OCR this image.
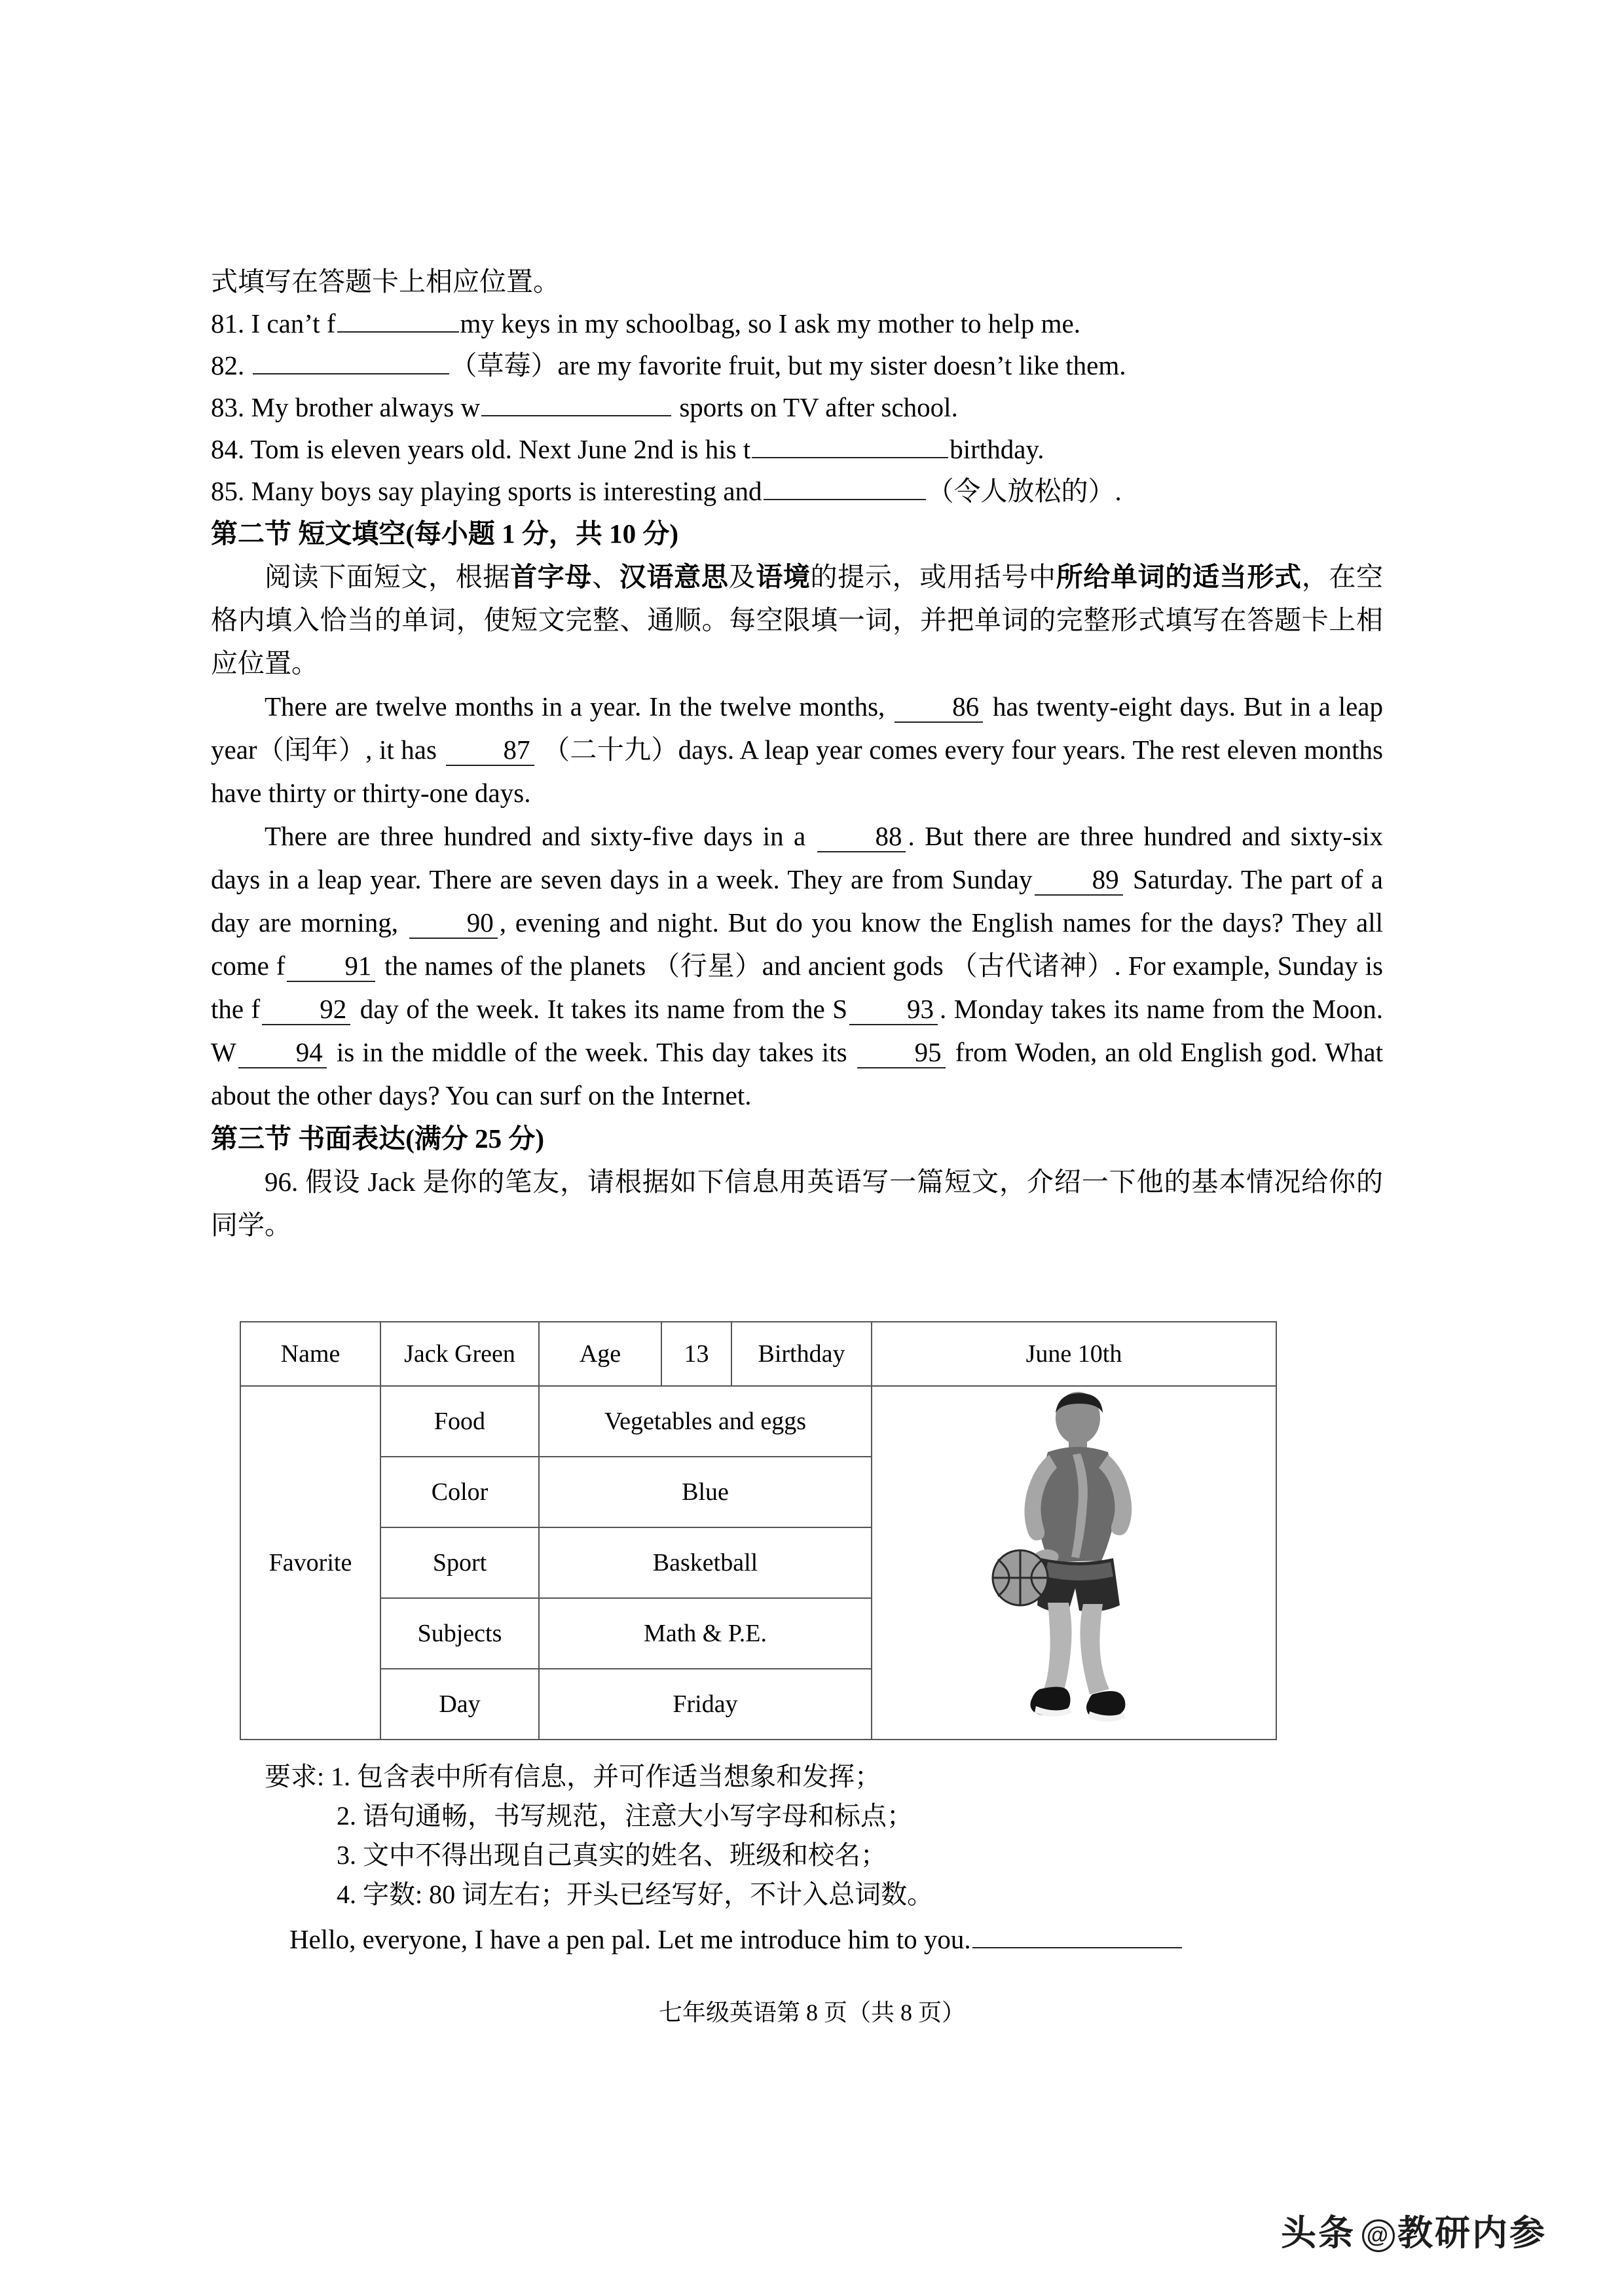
式填写在答题卡上相应位置。
81. I can’t f	my keys in my schoolbag, so I ask my mother to help me.
82.	（草莓）are my favorite fruit, but my sister doesn’t like them.
83. My brother always w	sports on TV after school.
84. Tom is eleven years old. Next June 2nd is his t	birthday.
85. Many boys say playing sports is interesting and	（令人放松的）.
第二节 短文填空(每小题 1 分，共 10 分)
阅读下面短文，根据首字母、汉语意思及语境的提示，或用括号中所给单词的适当形式，在空格内填入恰当的单词，使短文完整、通顺。每空限填一词，并把单词的完整形式填写在答题卡上相应位置。
There are twelve months in a year. In the twelve months, 86 has twenty-eight days. But in a leap year（闰年）, it has 87 （二十九）days. A leap year comes every four years. The rest eleven months have thirty or thirty-one days.
There are three hundred and sixty-five days in a 88 . But there are three hundred and sixty-six days in a leap year. There are seven days in a week. They are from Sunday 89 Saturday. The part of a day are morning, 90 , evening and night. But do you know the English names for the days? They all come f 91 the names of the planets （行星）and ancient gods （古代诸神）. For example, Sunday is the f 92 day of the week. It takes its name from the S 93 . Monday takes its name from the Moon. W 94 is in the middle of the week. This day takes its 95 from Woden, an old English god. What about the other days? You can surf on the Internet.
第三节 书面表达(满分 25 分)
96. 假设 Jack 是你的笔友，请根据如下信息用英语写一篇短文，介绍一下他的基本情况给你的同学。
Name	Jack Green	Age	13	Birthday	June 10th
Favorite	Food	Vegetables and eggs	

	Color	Blue			
	Sport	Basketball			
	Subjects	Math & P.E.			
	Day	Friday			
要求: 1. 包含表中所有信息，并可作适当想象和发挥；
2. 语句通畅，书写规范，注意大小写字母和标点；
3. 文中不得出现自己真实的姓名、班级和校名；
4. 字数: 80 词左右；开头已经写好，不计入总词数。
Hello, everyone, I have a pen pal. Let me introduce him to you.
七年级英语第 8 页（共 8 页）
头条 @ 教研内参
